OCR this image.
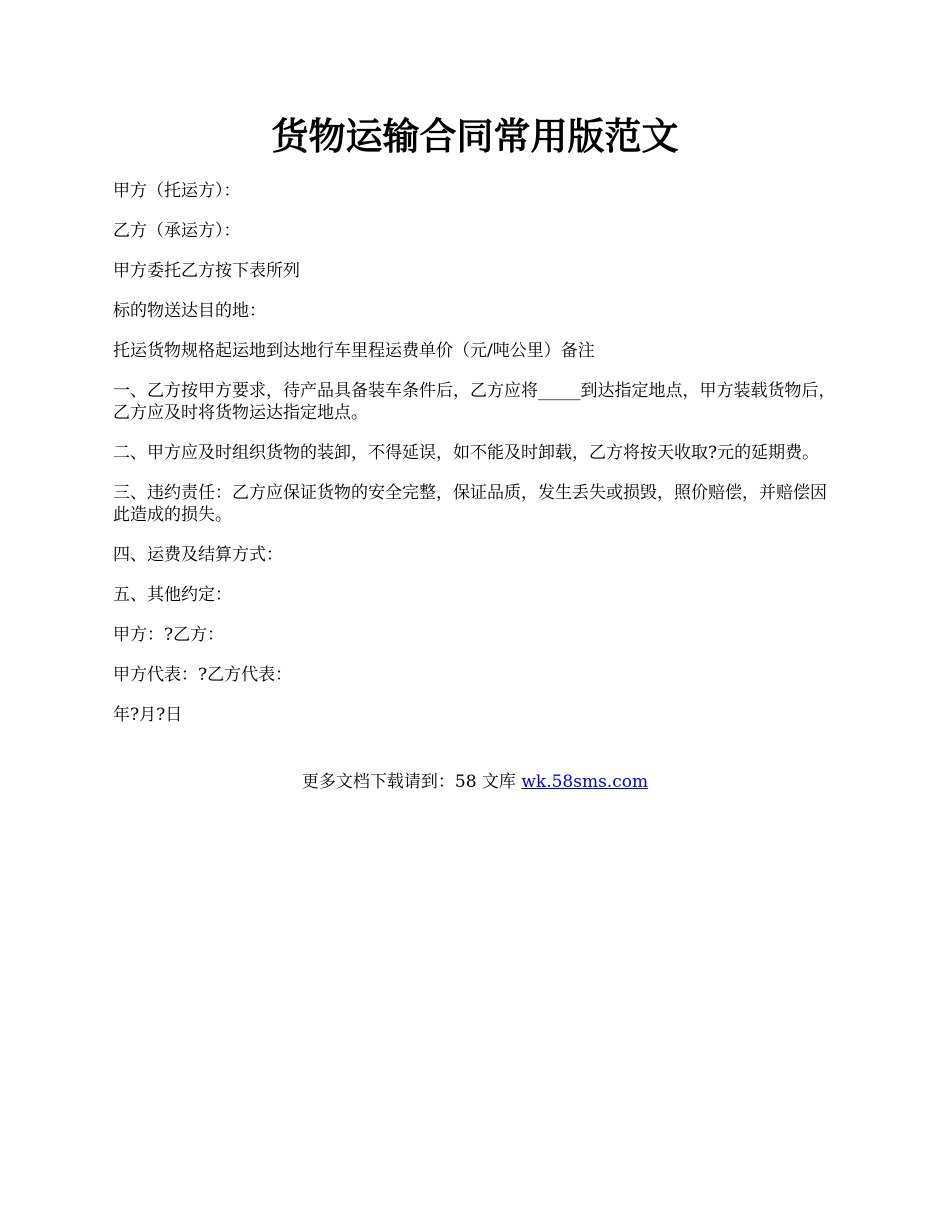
货物运输合同常用版范文

甲方（托运方）：

乙方（承运方）：

甲方委托乙方按下表所列

标的物送达目的地：

托运货物规格起运地到达地行车里程运费单价（元/吨公里）备注

一、乙方按甲方要求，待产品具备装车条件后，乙方应将_____到达指定地点，甲方装载货物后，乙方应及时将货物运达指定地点。

二、甲方应及时组织货物的装卸，不得延误，如不能及时卸载，乙方将按天收取?元的延期费。

三、违约责任：乙方应保证货物的安全完整，保证品质，发生丢失或损毁，照价赔偿，并赔偿因此造成的损失。

四、运费及结算方式：

五、其他约定：

甲方：?乙方：

甲方代表：?乙方代表：

年?月?日

更多文档下载请到：58 文库 wk.58sms.com
